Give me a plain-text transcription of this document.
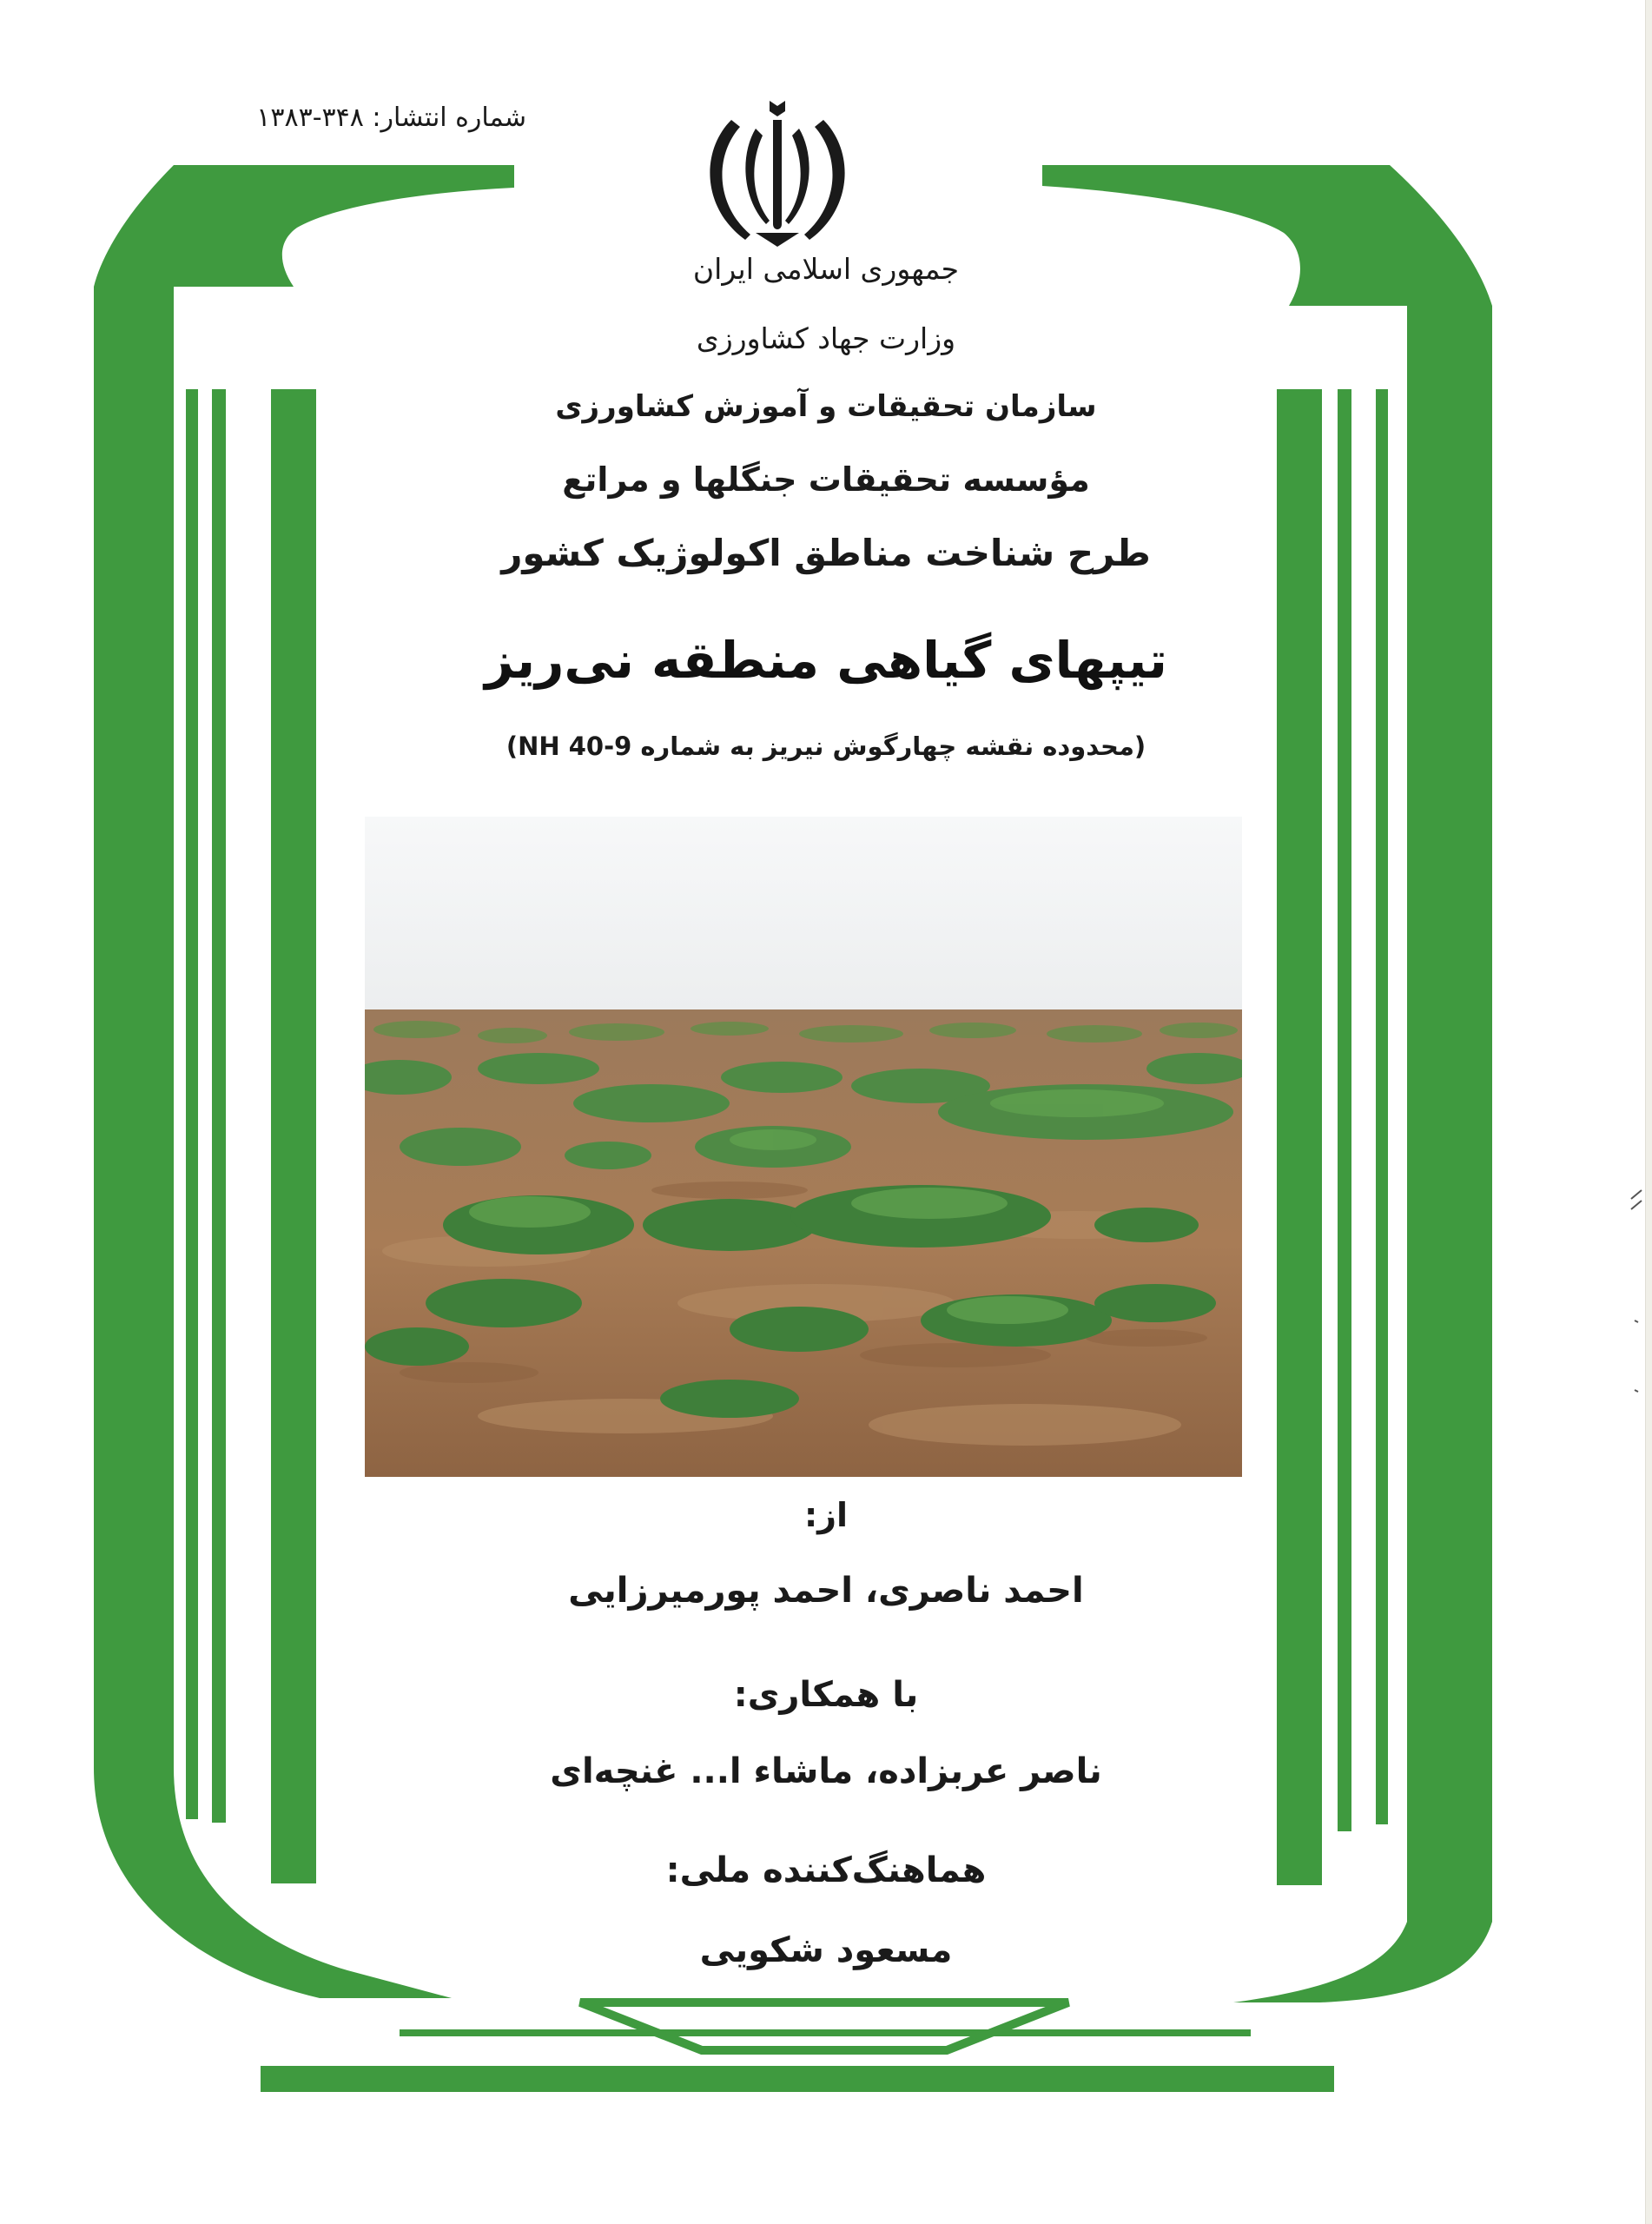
شماره انتشار: ۳۴۸-۱۳۸۳
جمهوری اسلامی ایران
وزارت جهاد کشاورزی
سازمان تحقیقات و آموزش کشاورزی
مؤسسه تحقیقات جنگلها و مراتع
طرح شناخت مناطق اکولوژیک کشور
تیپهای گیاهی منطقه نی‌ریز
(محدوده نقشه چهارگوش نیریز به شماره NH 40-9)
از:
احمد ناصری، احمد پورمیرزایی
با همکاری:
ناصر عربزاده، ماشاء ا... غنچه‌ای
هماهنگ‌کننده ملی:
مسعود شکویی
